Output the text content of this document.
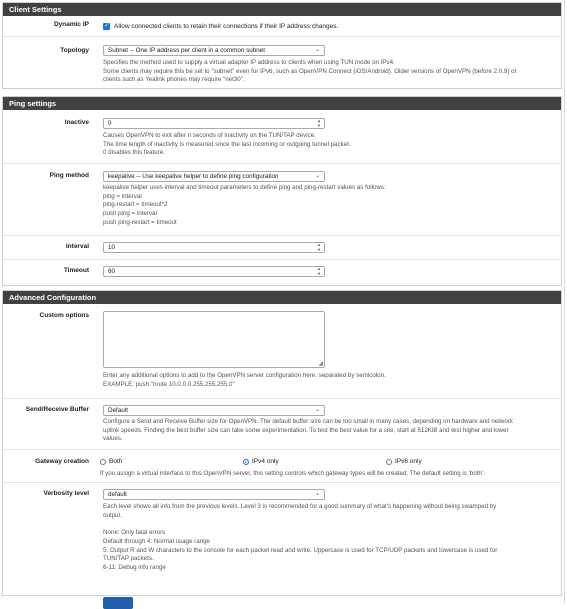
Client Settings
Dynamic IP ✓ Allow connected clients to retain their connections if their IP address changes.
Topology	Subnet -- One IP address per client in a common subnet	⌄

Specifies the method used to supply a virtual adapter IP address to clients when using TUN mode on IPv4.

Some clients may require this be set to "subnet" even for IPv6, such as OpenVPN Connect (iOS/Android). Older versions of OpenVPN (before 2.0.9) or

clients such as Yealink phones may require "net30".

Ping settings
Inactive	0	▲
▼

Causes OpenVPN to exit after n seconds of inactivity on the TUN/TAP device.

The time length of inactivity is measured since the last incoming or outgoing tunnel packet.

0 disables this feature.

Ping method	keepalive -- Use keepalive helper to define ping configuration	⌄

keepalive helper uses interval and timeout parameters to define ping and ping-restart values as follows:

ping = interval

ping-restart = timeout*2

push ping = interval

push ping-restart = timeout

Interval	10	▲
▼
Timeout	60	▲
▼
Advanced Configuration
Custom options
◢

Enter any additional options to add to the OpenVPN server configuration here, separated by semicolon.

EXAMPLE: push "route 10.0.0.0 255.255.255.0"

Send/Receive Buffer	Default	⌄

Configure a Send and Receive Buffer size for OpenVPN. The default buffer size can be too small in many cases, depending on hardware and network

uplink speeds. Finding the best buffer size can take some experimentation. To test the best value for a site, start at 512KiB and test higher and lower

values.

Gateway creation	Both	IPv4 only	IPv6 only
If you assign a virtual interface to this OpenVPN server, this setting controls which gateway types will be created. The default setting is 'both'.
Verbosity level	default	⌄

Each level shows all info from the previous levels. Level 3 is recommended for a good summary of what's happening without being swamped by

output.

None: Only fatal errors

Default through 4: Normal usage range

5: Output R and W characters to the console for each packet read and write. Uppercase is used for TCP/UDP packets and lowercase is used for

TUN/TAP packets.

6-11: Debug info range
